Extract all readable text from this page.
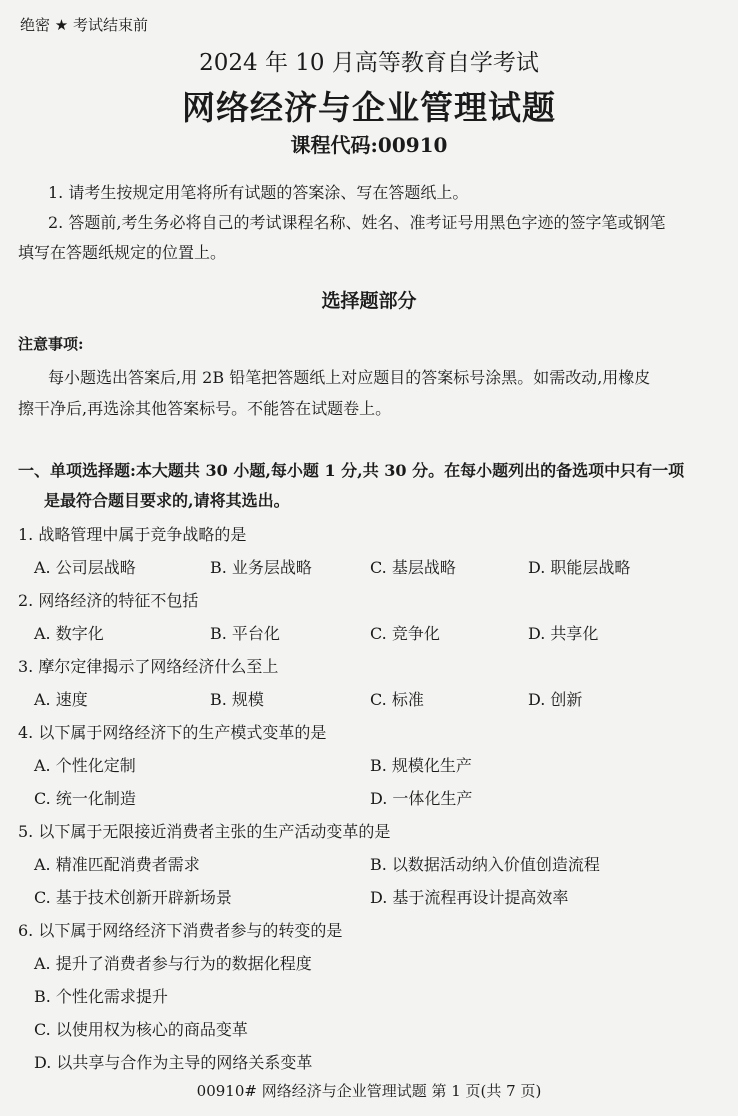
绝密 ★ 考试结束前
2024 年 10 月高等教育自学考试
网络经济与企业管理试题
课程代码:00910
1. 请考生按规定用笔将所有试题的答案涂、写在答题纸上。
2. 答题前,考生务必将自己的考试课程名称、姓名、准考证号用黑色字迹的签字笔或钢笔
填写在答题纸规定的位置上。
选择题部分
注意事项:
每小题选出答案后,用 2B 铅笔把答题纸上对应题目的答案标号涂黑。如需改动,用橡皮
擦干净后,再选涂其他答案标号。不能答在试题卷上。
一、单项选择题:本大题共 30 小题,每小题 1 分,共 30 分。在每小题列出的备选项中只有一项
是最符合题目要求的,请将其选出。
1. 战略管理中属于竞争战略的是
A. 公司层战略	B. 业务层战略	C. 基层战略	D. 职能层战略
2. 网络经济的特征不包括
A. 数字化	B. 平台化	C. 竞争化	D. 共享化
3. 摩尔定律揭示了网络经济什么至上
A. 速度	B. 规模	C. 标准	D. 创新
4. 以下属于网络经济下的生产模式变革的是
A. 个性化定制	B. 规模化生产
C. 统一化制造	D. 一体化生产
5. 以下属于无限接近消费者主张的生产活动变革的是
A. 精准匹配消费者需求	B. 以数据活动纳入价值创造流程
C. 基于技术创新开辟新场景	D. 基于流程再设计提高效率
6. 以下属于网络经济下消费者参与的转变的是
A. 提升了消费者参与行为的数据化程度
B. 个性化需求提升
C. 以使用权为核心的商品变革
D. 以共享与合作为主导的网络关系变革
00910# 网络经济与企业管理试题 第 1 页(共 7 页)
